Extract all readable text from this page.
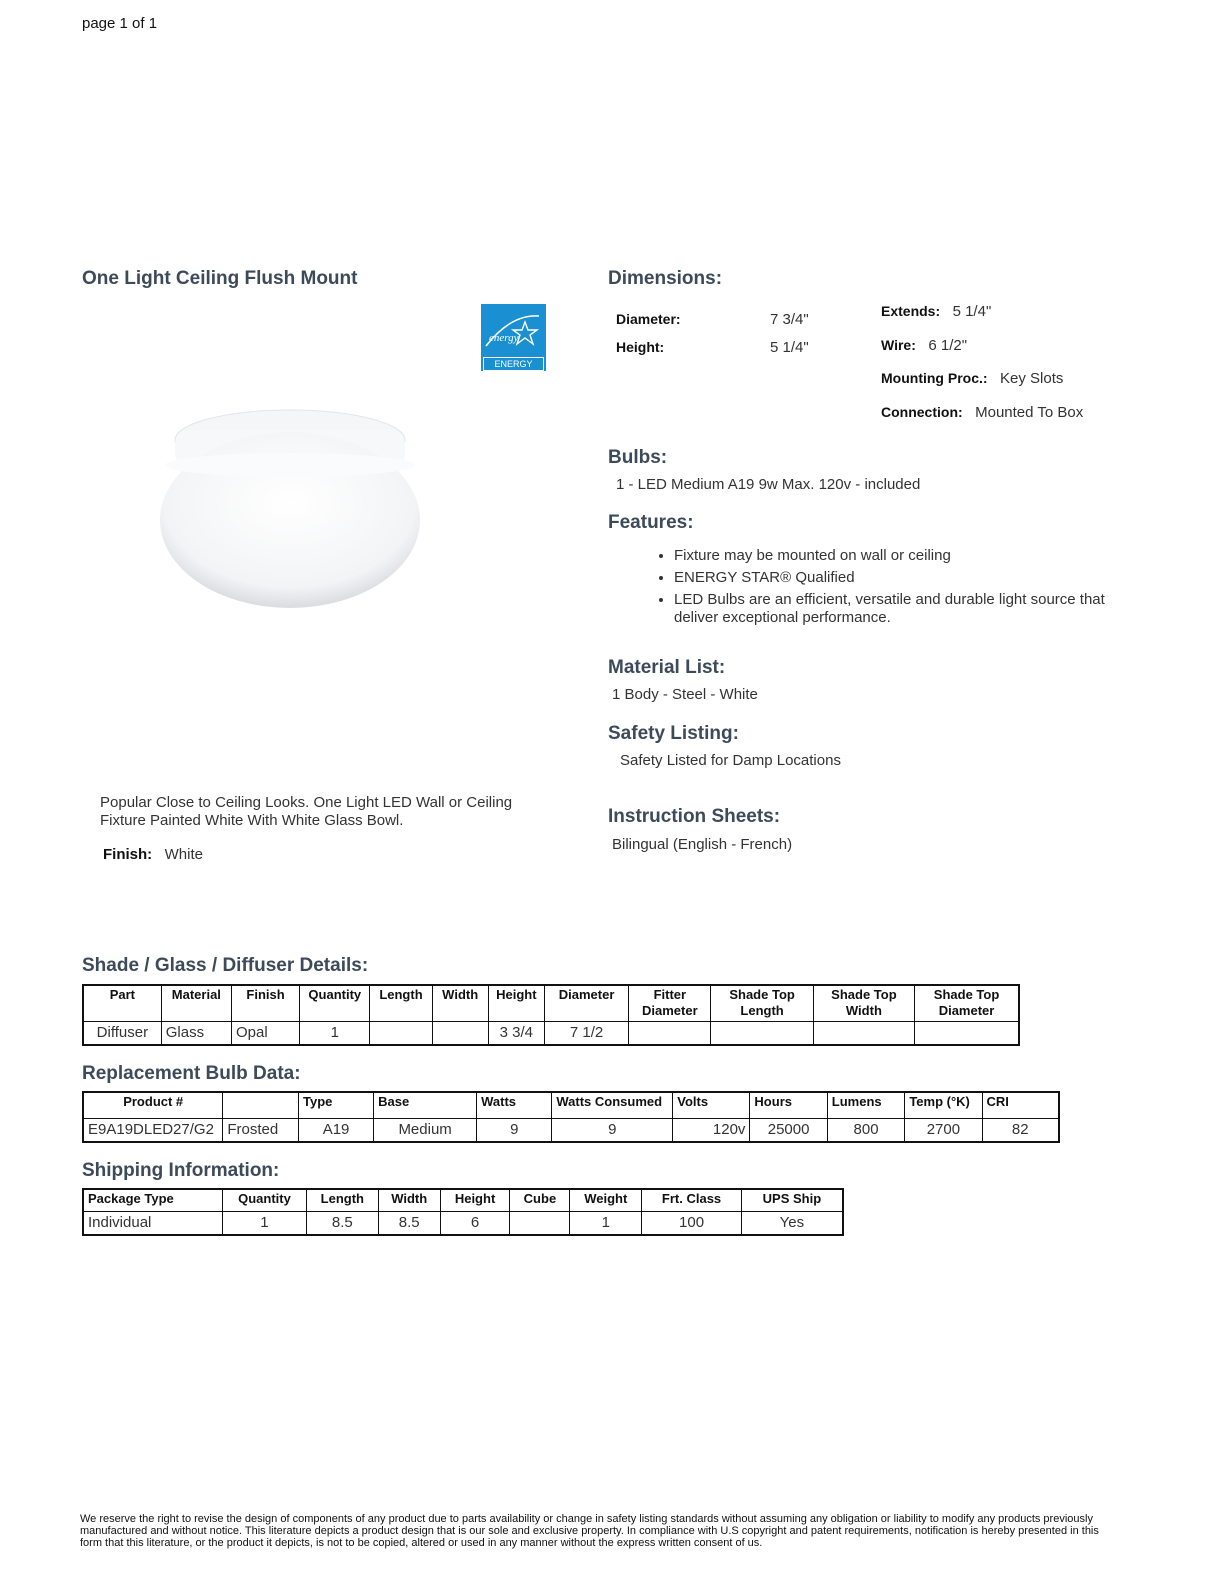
page 1 of 1
One Light Ceiling Flush Mount
energy
ENERGY STAR
Popular Close to Ceiling Looks. One Light LED Wall or Ceiling Fixture Painted White With White Glass Bowl.
Finish: White
Dimensions:
Diameter:	7 3/4"
Height:	5 1/4"
Extends: 5 1/4"
Wire: 6 1/2"
Mounting Proc.: Key Slots
Connection: Mounted To Box
Bulbs:
1 - LED Medium A19 9w Max. 120v - included
Features:
• Fixture may be mounted on wall or ceiling
• ENERGY STAR® Qualified
• LED Bulbs are an efficient, versatile and durable light source that deliver exceptional performance.
Material List:
1 Body - Steel - White
Safety Listing:
Safety Listed for Damp Locations
Instruction Sheets:
Bilingual (English - French)
Shade / Glass / Diffuser Details:
Part	Material	Finish	Quantity	Length	Width	Height	Diameter	Fitter Diameter	Shade Top Length	Shade Top Width	Shade Top Diameter
Diffuser	Glass	Opal	1			3 3/4	7 1/2				
Replacement Bulb Data:
Product #		Type	Base	Watts	Watts Consumed	Volts	Hours	Lumens	Temp (°K)	CRI
E9A19DLED27/G2	Frosted	A19	Medium	9	9	120v	25000	800	2700	82
Shipping Information:
Package Type	Quantity	Length	Width	Height	Cube	Weight	Frt. Class	UPS Ship
Individual	1	8.5	8.5	6		1	100	Yes
We reserve the right to revise the design of components of any product due to parts availability or change in safety listing standards without assuming any obligation or liability to modify any products previously manufactured and without notice. This literature depicts a product design that is our sole and exclusive property. In compliance with U.S copyright and patent requirements, notification is hereby presented in this form that this literature, or the product it depicts, is not to be copied, altered or used in any manner without the express written consent of us.
